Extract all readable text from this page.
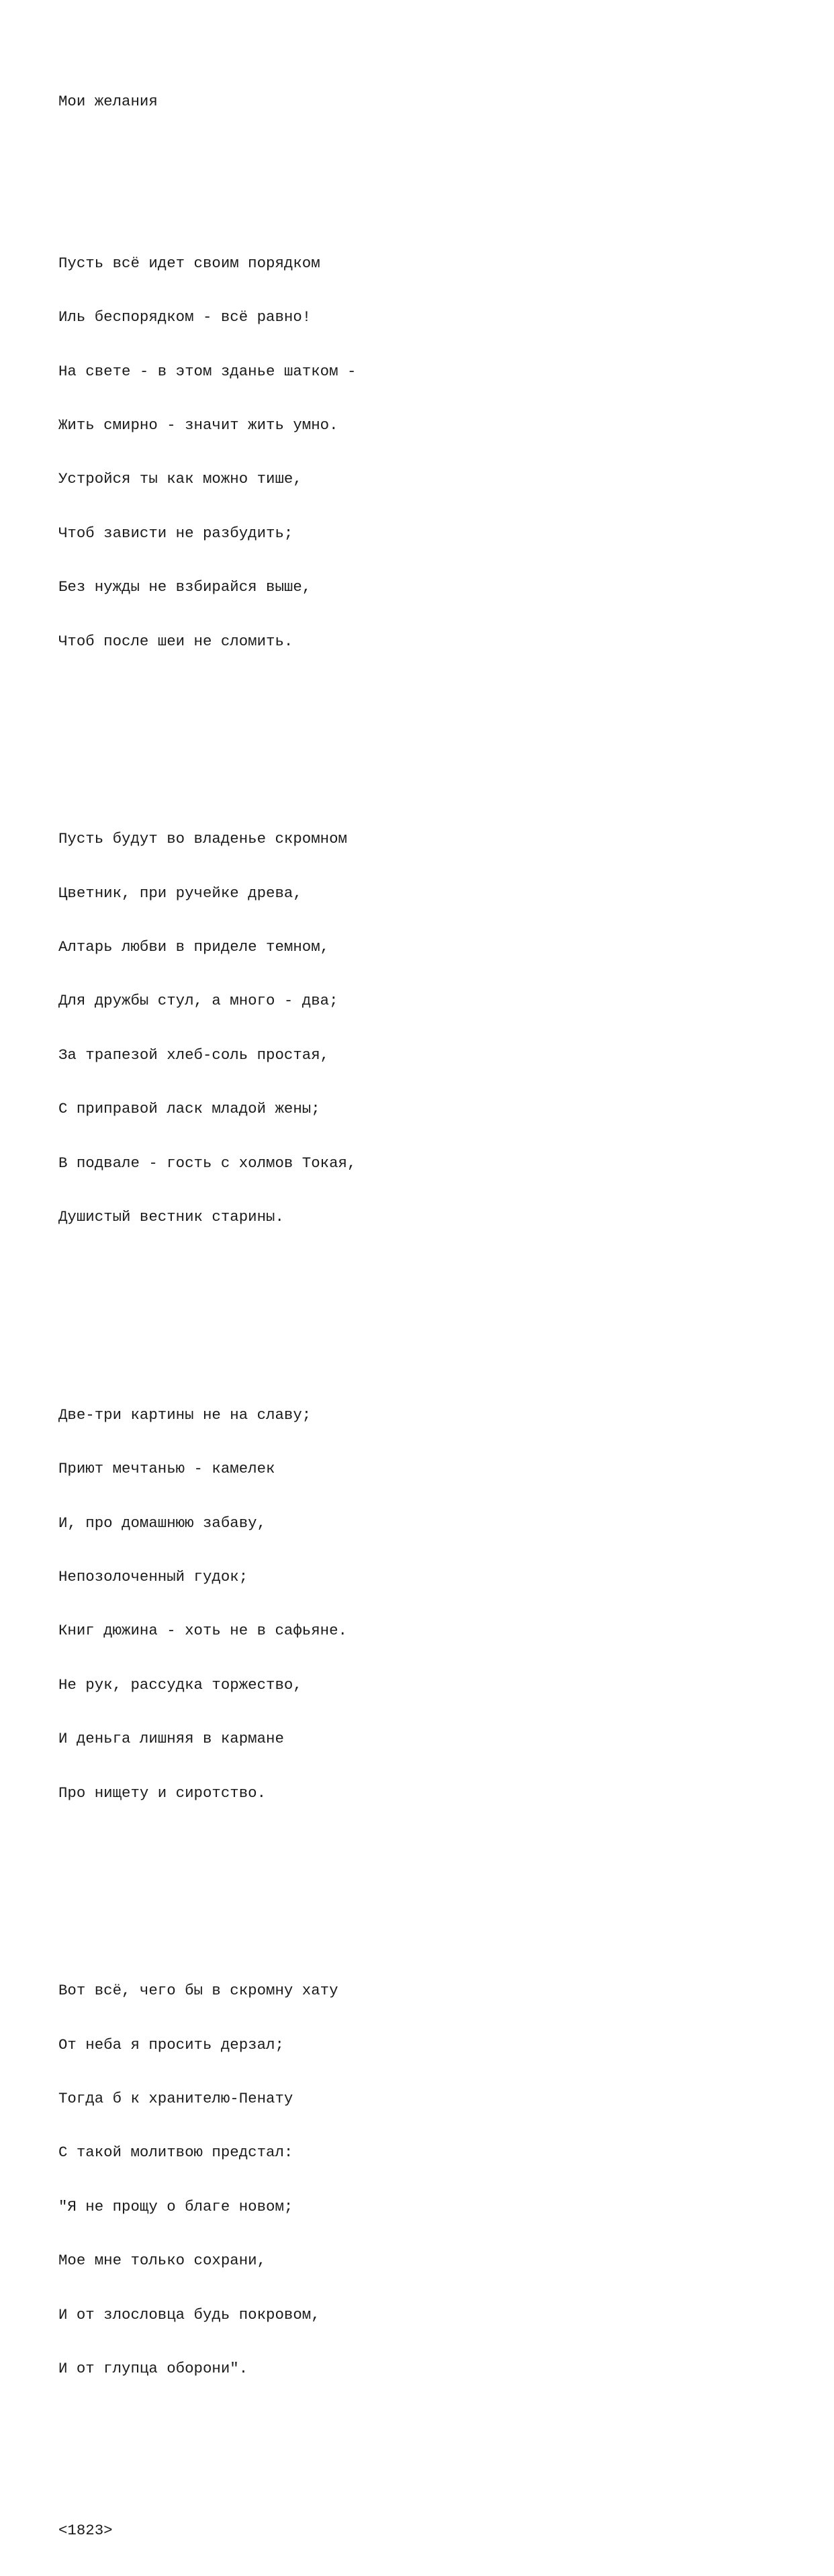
Мои желания

Пусть всё идет своим порядком

Иль беспорядком - всё равно!

На свете - в этом зданье шатком -

Жить смирно - значит жить умно.

Устройся ты как можно тише,

Чтоб зависти не разбудить;

Без нужды не взбирайся выше,

Чтоб после шеи не сломить.

Пусть будут во владенье скромном

Цветник, при ручейке древа,

Алтарь любви в приделе темном,

Для дружбы стул, а много - два;

За трапезой хлеб-соль простая,

С приправой ласк младой жены;

В подвале - гость с холмов Токая,

Душистый вестник старины.

Две-три картины не на славу;

Приют мечтанью - камелек

И, про домашнюю забаву,

Непозолоченный гудок;

Книг дюжина - хоть не в сафьяне.

Не рук, рассудка торжество,

И деньга лишняя в кармане

Про нищету и сиротство.

Вот всё, чего бы в скромну хату

От неба я просить дерзал;

Тогда б к хранителю-Пенату

С такой молитвою предстал:

"Я не прощу о благе новом;

Мое мне только сохрани,

И от злословца будь покровом,

И от глупца оборони".

<1823>
